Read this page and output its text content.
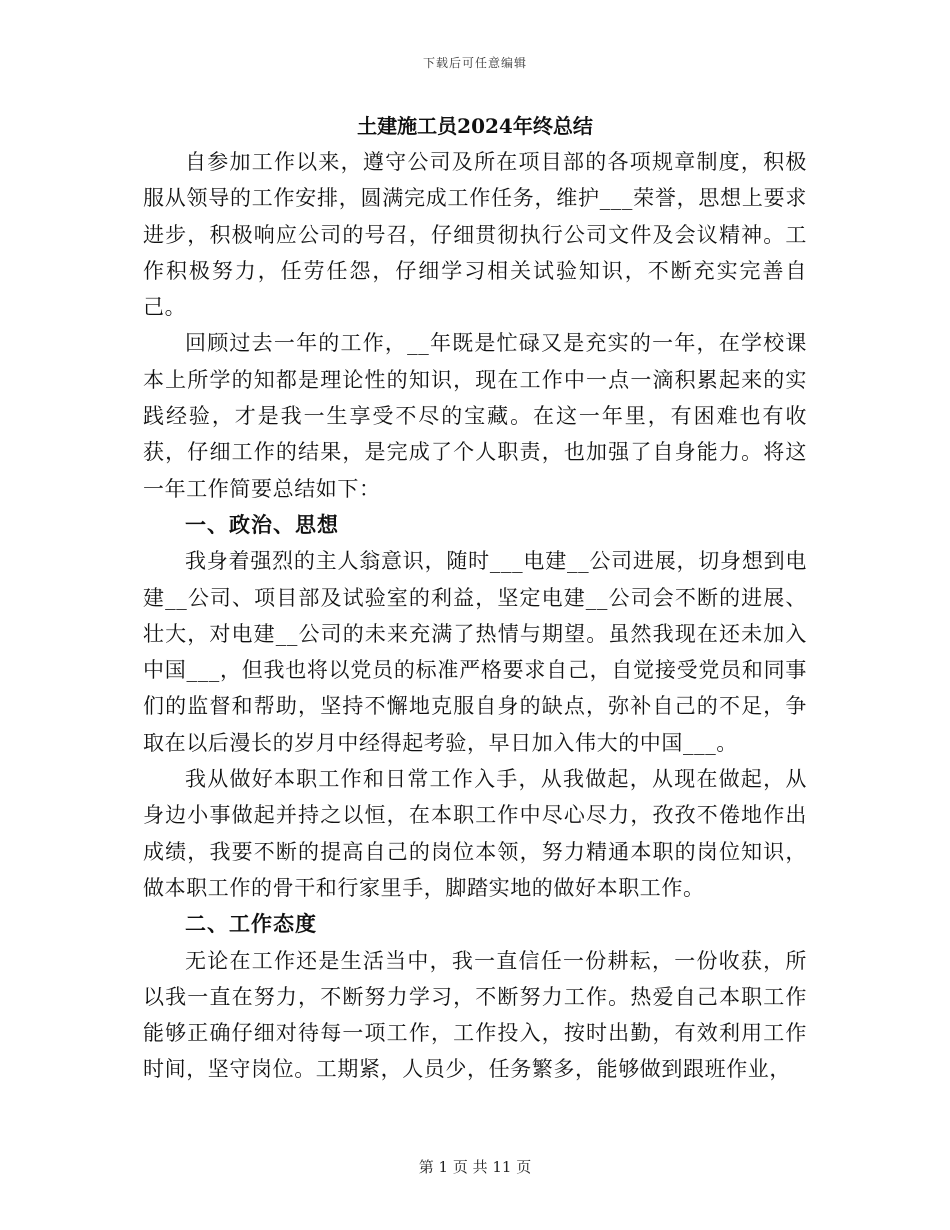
下载后可任意编辑
土建施工员2024年终总结

自参加工作以来，遵守公司及所在项目部的各项规章制度，积极服从领导的工作安排，圆满完成工作任务，维护___荣誉，思想上要求进步，积极响应公司的号召，仔细贯彻执行公司文件及会议精神。工作积极努力，任劳任怨，仔细学习相关试验知识，不断充实完善自己。

回顾过去一年的工作，__年既是忙碌又是充实的一年，在学校课本上所学的知都是理论性的知识，现在工作中一点一滴积累起来的实践经验，才是我一生享受不尽的宝藏。在这一年里，有困难也有收获，仔细工作的结果，是完成了个人职责，也加强了自身能力。将这一年工作简要总结如下：

一、政治、思想

我身着强烈的主人翁意识，随时___电建__公司进展，切身想到电建__公司、项目部及试验室的利益，坚定电建__公司会不断的进展、壮大，对电建__公司的未来充满了热情与期望。虽然我现在还未加入中国___，但我也将以党员的标准严格要求自己，自觉接受党员和同事们的监督和帮助，坚持不懈地克服自身的缺点，弥补自己的不足，争取在以后漫长的岁月中经得起考验，早日加入伟大的中国___。

我从做好本职工作和日常工作入手，从我做起，从现在做起，从身边小事做起并持之以恒，在本职工作中尽心尽力，孜孜不倦地作出成绩，我要不断的提高自己的岗位本领，努力精通本职的岗位知识，做本职工作的骨干和行家里手，脚踏实地的做好本职工作。

二、工作态度

无论在工作还是生活当中，我一直信任一份耕耘，一份收获，所以我一直在努力，不断努力学习，不断努力工作。热爱自己本职工作能够正确仔细对待每一项工作，工作投入，按时出勤，有效利用工作时间，坚守岗位。工期紧，人员少，任务繁多，能够做到跟班作业，

第 1 页 共 11 页
